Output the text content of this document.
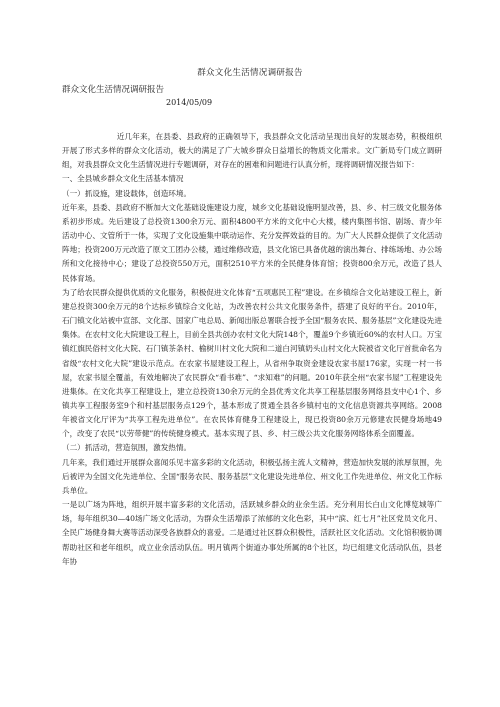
群众文化生活情况调研报告
群众文化生活情况调研报告
2014/05/09

近几年来，在县委、县政府的正确领导下，我县群众文化活动呈现出良好的发展态势，积极组织开展了形式多样的群众文化活动，极大的满足了广大城乡群众日益增长的物质文化需求。文广新局专门成立调研组，对我县群众文化生活情况进行专题调研，对存在的困难和问题进行认真分析，现将调研情况报告如下：

一、全县城乡群众文化生活基本情况

（一）抓设施，建设载体，创造环境。

近年来，县委、县政府不断加大文化基础设施建设力度，城乡文化基础设施明显改善，县、乡、村三级文化服务体系初步形成。先后建设了总投资1300余万元、面积4800平方米的文化中心大楼，楼内集图书馆、剧场、青少年活动中心、文管所于一体，实现了文化设施集中联动运作、充分发挥效益的目的。为广大人民群众提供了文化活动阵地；投资200万元改造了原文工团办公楼，通过维修改造，县文化馆已具备优越的演出舞台、排练场地、办公场所和文化接待中心；建设了总投资550万元，面积2510平方米的全民健身体育馆；投资800余万元，改造了县人民体育场。

为了给农民群众提供优质的文化服务，积极促进文化体育“五项惠民工程”建设。在乡镇综合文化站建设工程上，新建总投资300余万元的8个达标乡镇综合文化站，为改善农村公共文化服务条件，搭建了良好的平台。2010年，石门镇文化站被中宣部、文化部、国家广电总局、新闻出版总署联合授予全国“服务农民、服务基层”文化建设先进集体。在农村文化大院建设工程上，目前全县共创办农村文化大院148个，覆盖9个乡镇近60%的农村人口。万宝镇红旗民俗村文化大院、石门镇茶条村、榆树川村文化大院和二道白河镇奶头山村文化大院被省文化厅首批命名为省级“农村文化大院”建设示范点。在农家书屋建设工程上，从省州争取资金建设农家书屋176家，实现一村一书屋，农家书屋全覆盖，有效地解决了农民群众“看书难”、“求知难”的问题。2010年获全州“农家书屋”工程建设先进集体。在文化共享工程建设上，建立总投资130余万元的全县优秀文化共享工程基层服务网络县支中心1个、乡镇共享工程服务室9个和村基层服务点129个，基本形成了贯通全县各乡镇村屯的文化信息资源共享网络。2008年被省文化厅评为“共享工程先进单位”。在农民体育健身工程建设上，现已投资80余万元修建农民健身场地49个，改变了农民“以劳带健”的传统健身模式。基本实现了县、乡、村三级公共文化服务网络体系全面覆盖。

（二）抓活动，营造氛围，激发热情。

几年来，我们通过开展群众喜闻乐见丰富多彩的文化活动，积极弘扬主流人文精神，营造加快发展的浓厚氛围，先后被评为全国文化先进单位、全国“服务农民、服务基层”文化建设先进单位、州文化工作先进单位、州文化工作标兵单位。

一是以广场为阵地，组织开展丰富多彩的文化活动，活跃城乡群众的业余生活。充分利用长白山文化博览城等广场，每年组织30—40场广场文化活动，为群众生活增添了浓郁的文化色彩，其中“滨、红七月”社区党员文化月、全民广场健身舞大赛等活动深受各族群众的喜爱。二是通过社区群众积极性，活跃社区文化活动。文化馆积极协调帮助社区和老年组织，成立业余活动队伍。明月镇两个街道办事处所属的8个社区，均已组建文化活动队伍，县老年协
